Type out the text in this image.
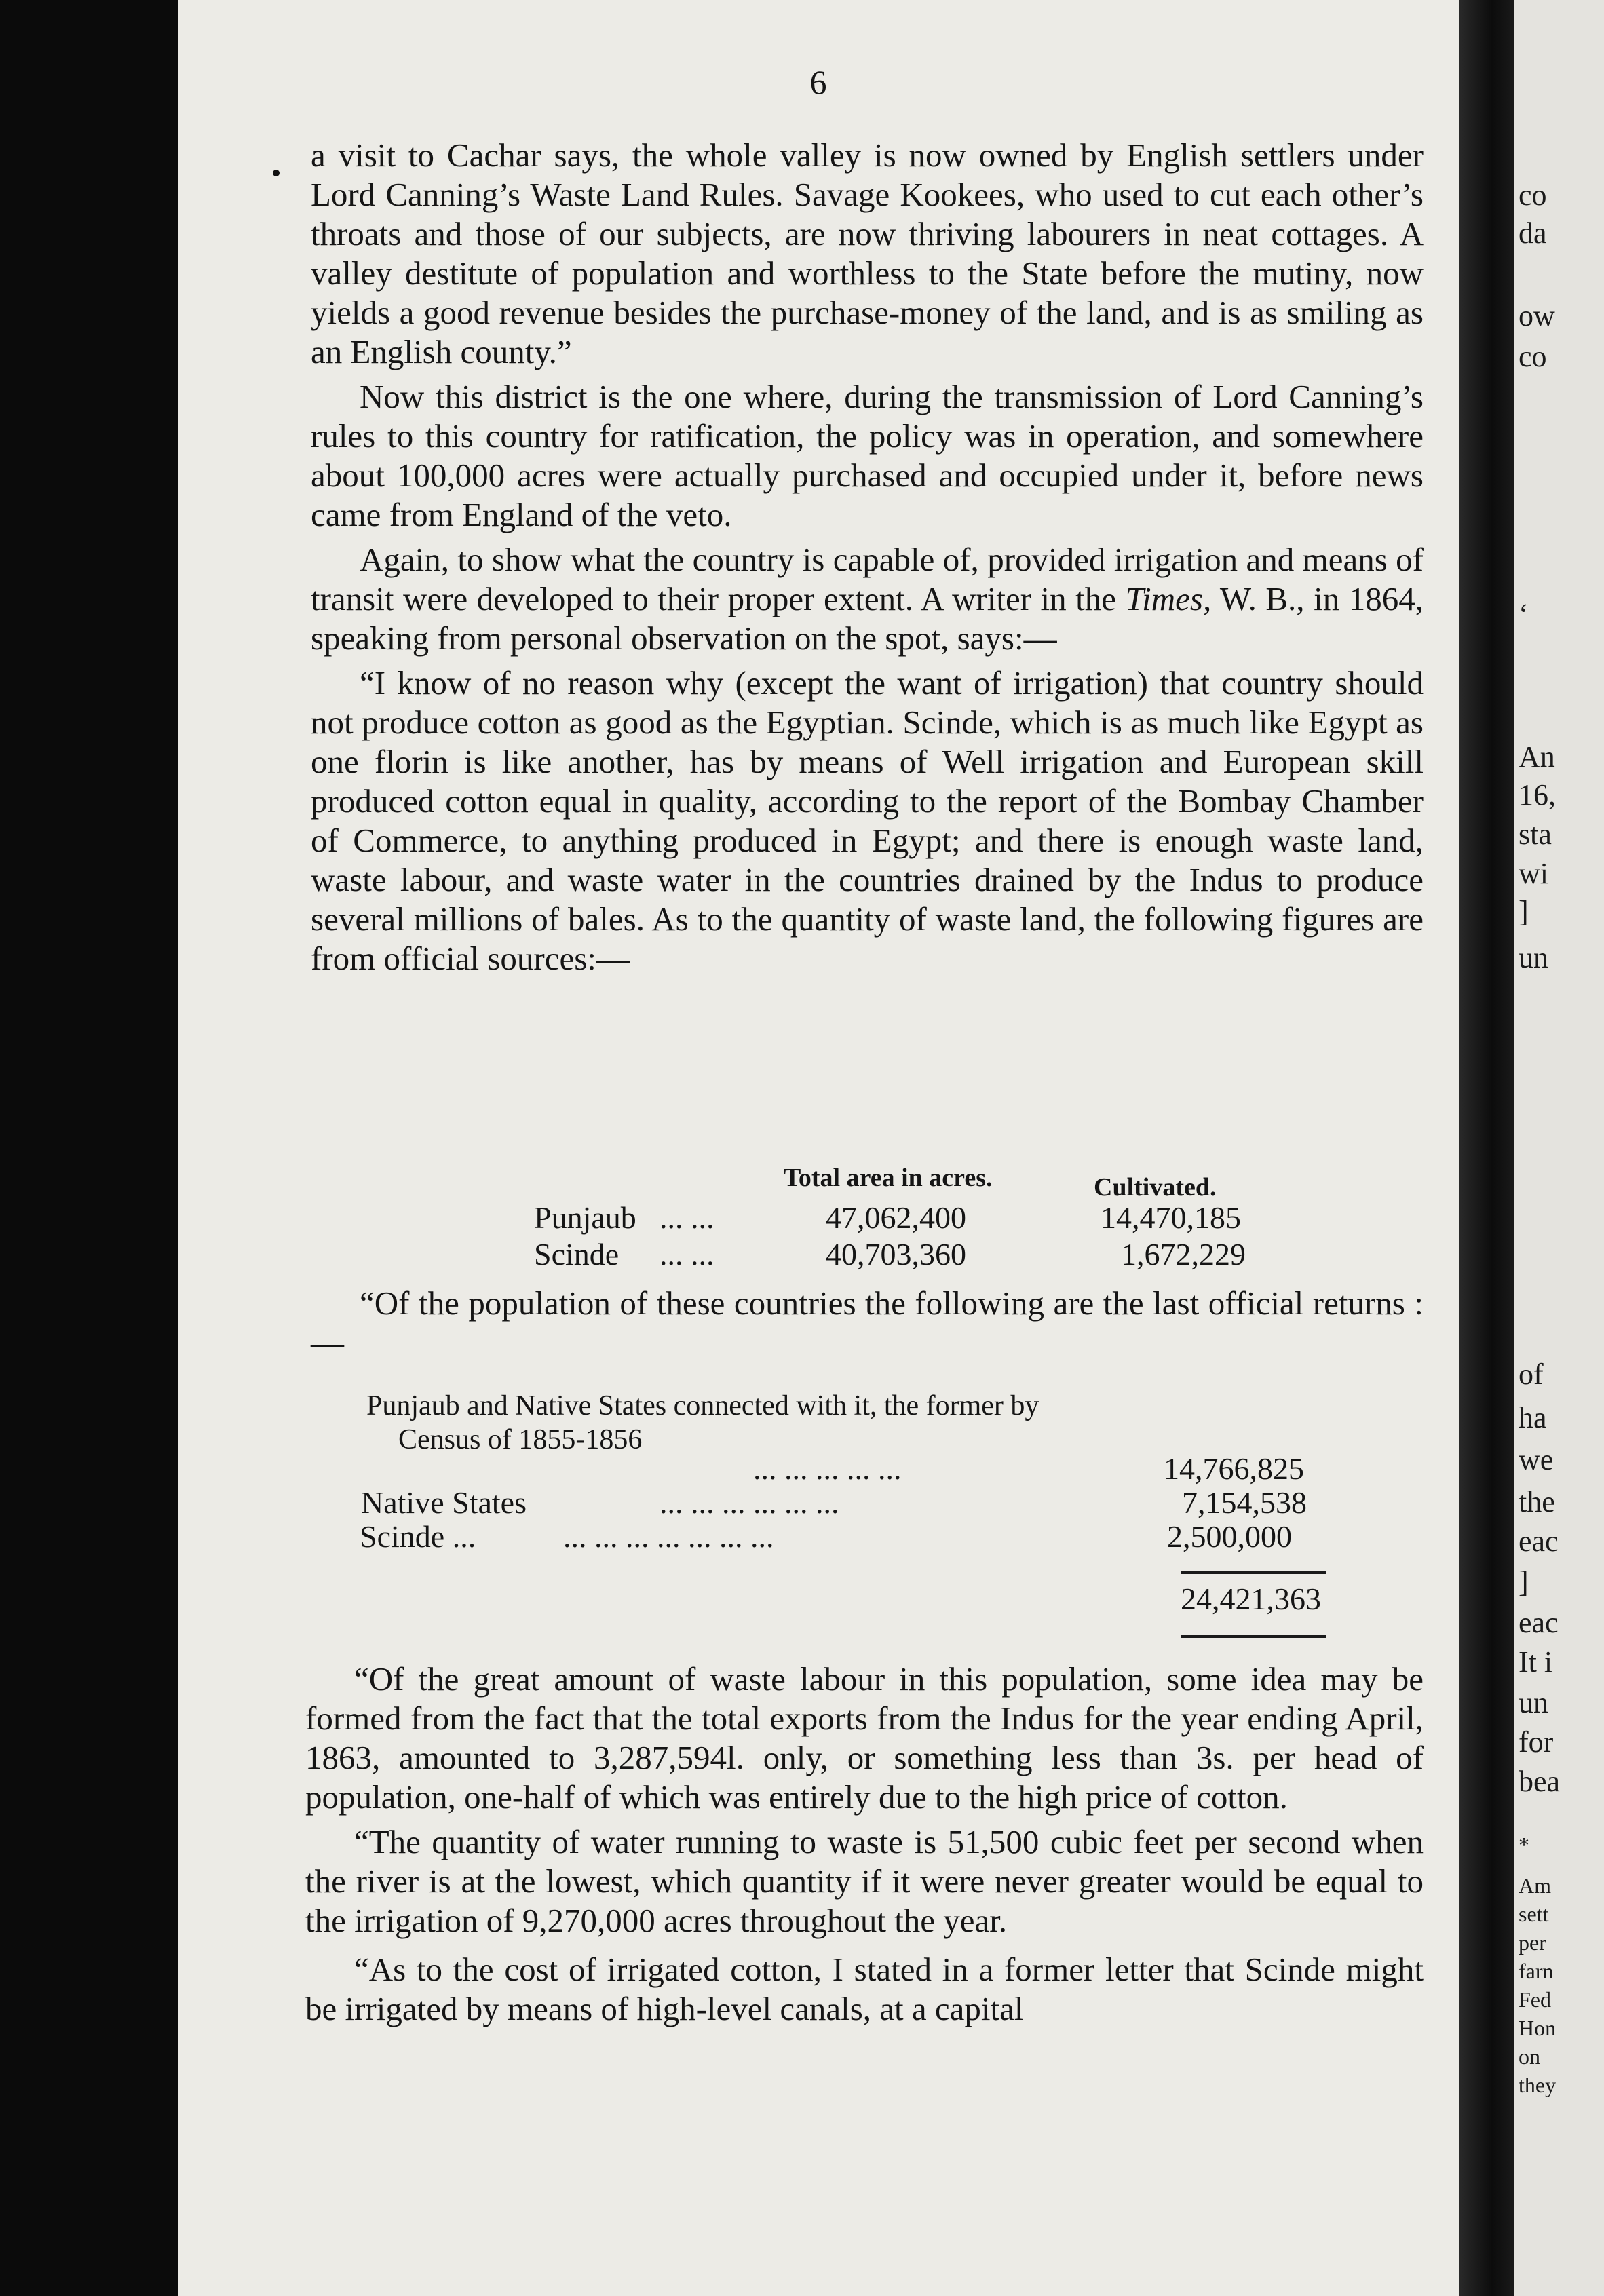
6

a visit to Cachar says, the whole valley is now owned by English settlers under Lord Canning’s Waste Land Rules. Savage Kookees, who used to cut each other’s throats and those of our subjects, are now thriving labourers in neat cottages. A valley destitute of population and worthless to the State before the mutiny, now yields a good revenue besides the purchase-money of the land, and is as smiling as an English county.”

Now this district is the one where, during the transmission of Lord Canning’s rules to this country for ratification, the policy was in operation, and somewhere about 100,000 acres were actually purchased and occupied under it, before news came from England of the veto.

Again, to show what the country is capable of, provided irrigation and means of transit were developed to their proper extent. A writer in the Times, W. B., in 1864, speaking from personal observation on the spot, says:—

“I know of no reason why (except the want of irrigation) that country should not produce cotton as good as the Egyptian. Scinde, which is as much like Egypt as one florin is like another, has by means of Well irrigation and European skill produced cotton equal in quality, according to the report of the Bombay Chamber of Commerce, to anything produced in Egypt; and there is enough waste land, waste labour, and waste water in the countries drained by the Indus to produce several millions of bales. As to the quantity of waste land, the following figures are from official sources:—

Total area in acres.	Cultivated.
Punjaub ... ...	47,062,400	14,470,185
Scinde ... ...	40,703,360	1,672,229

“Of the population of these countries the following are the last official returns :—

Punjaub and Native States connected with it, the former by
Census of 1855-1856
... ... ... ... ...	14,766,825
Native States	... ... ... ... ... ...	7,154,538
Scinde ...	... ... ... ... ... ... ...	2,500,000
24,421,363

“Of the great amount of waste labour in this population, some idea may be formed from the fact that the total exports from the Indus for the year ending April, 1863, amounted to 3,287,594l. only, or something less than 3s. per head of population, one-half of which was entirely due to the high price of cotton.

“The quantity of water running to waste is 51,500 cubic feet per second when the river is at the lowest, which quantity if it were never greater would be equal to the irrigation of 9,270,000 acres throughout the year.

“As to the cost of irrigated cotton, I stated in a former letter that Scinde might be irrigated by means of high-level canals, at a capital

co
da
ow
co
‘
An
16,
sta
wi
]
un
of
ha
we
the
eac
]
eac
It i
un
for
bea
*
Am
sett
per
farn
Fed
Hon
on
they
